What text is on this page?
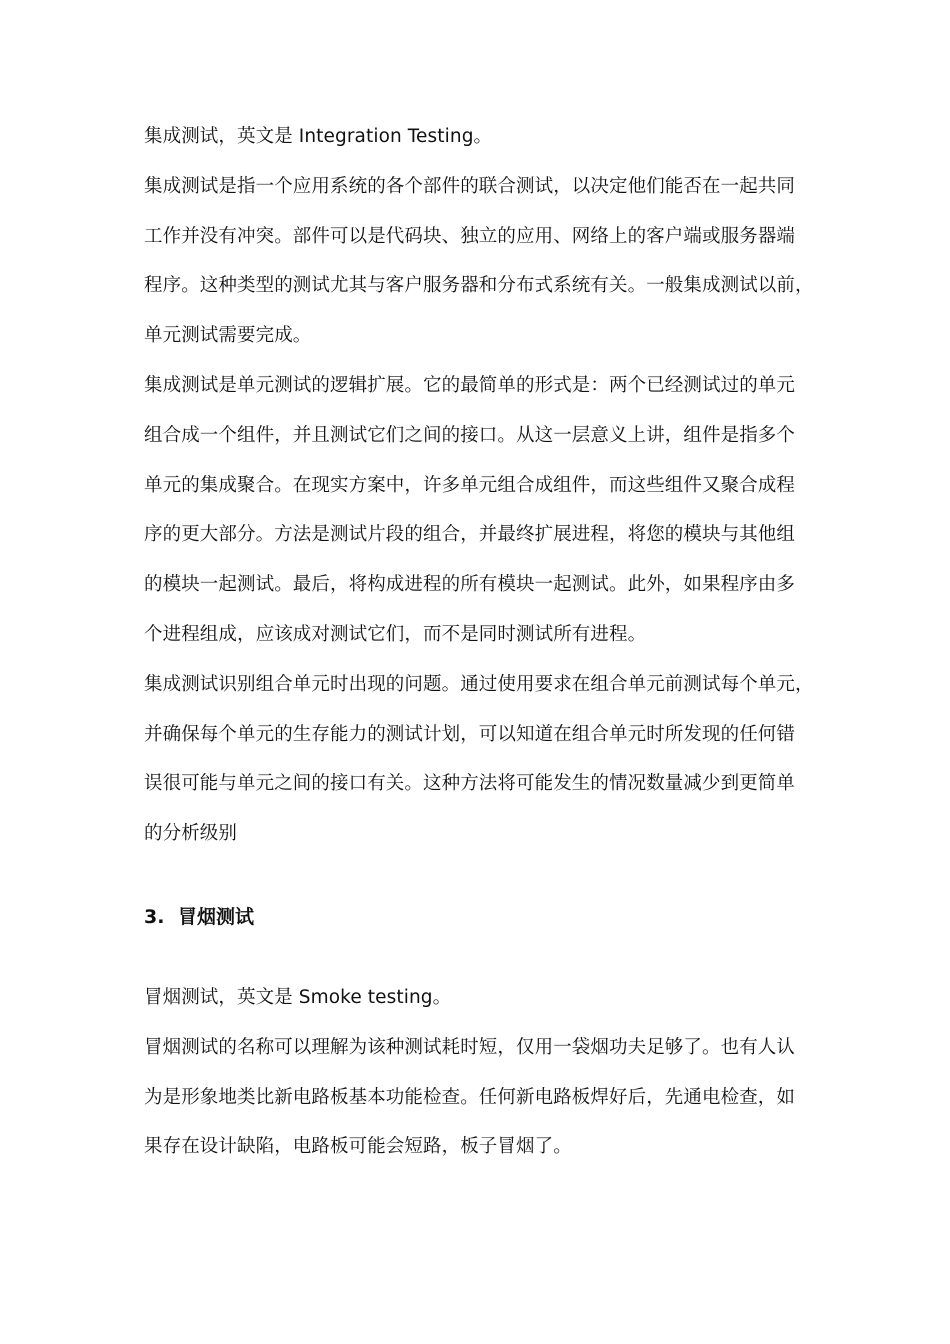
集成测试，英文是 Integration Testing。
集成测试是指一个应用系统的各个部件的联合测试，以决定他们能否在一起共同
工作并没有冲突。部件可以是代码块、独立的应用、网络上的客户端或服务器端
程序。这种类型的测试尤其与客户服务器和分布式系统有关。一般集成测试以前，
单元测试需要完成。
集成测试是单元测试的逻辑扩展。它的最简单的形式是：两个已经测试过的单元
组合成一个组件，并且测试它们之间的接口。从这一层意义上讲，组件是指多个
单元的集成聚合。在现实方案中，许多单元组合成组件，而这些组件又聚合成程
序的更大部分。方法是测试片段的组合，并最终扩展进程，将您的模块与其他组
的模块一起测试。最后，将构成进程的所有模块一起测试。此外，如果程序由多
个进程组成，应该成对测试它们，而不是同时测试所有进程。
集成测试识别组合单元时出现的问题。通过使用要求在组合单元前测试每个单元，
并确保每个单元的生存能力的测试计划，可以知道在组合单元时所发现的任何错
误很可能与单元之间的接口有关。这种方法将可能发生的情况数量减少到更简单
的分析级别
3. 冒烟测试
冒烟测试，英文是 Smoke testing。
冒烟测试的名称可以理解为该种测试耗时短，仅用一袋烟功夫足够了。也有人认
为是形象地类比新电路板基本功能检查。任何新电路板焊好后，先通电检查，如
果存在设计缺陷，电路板可能会短路，板子冒烟了。
